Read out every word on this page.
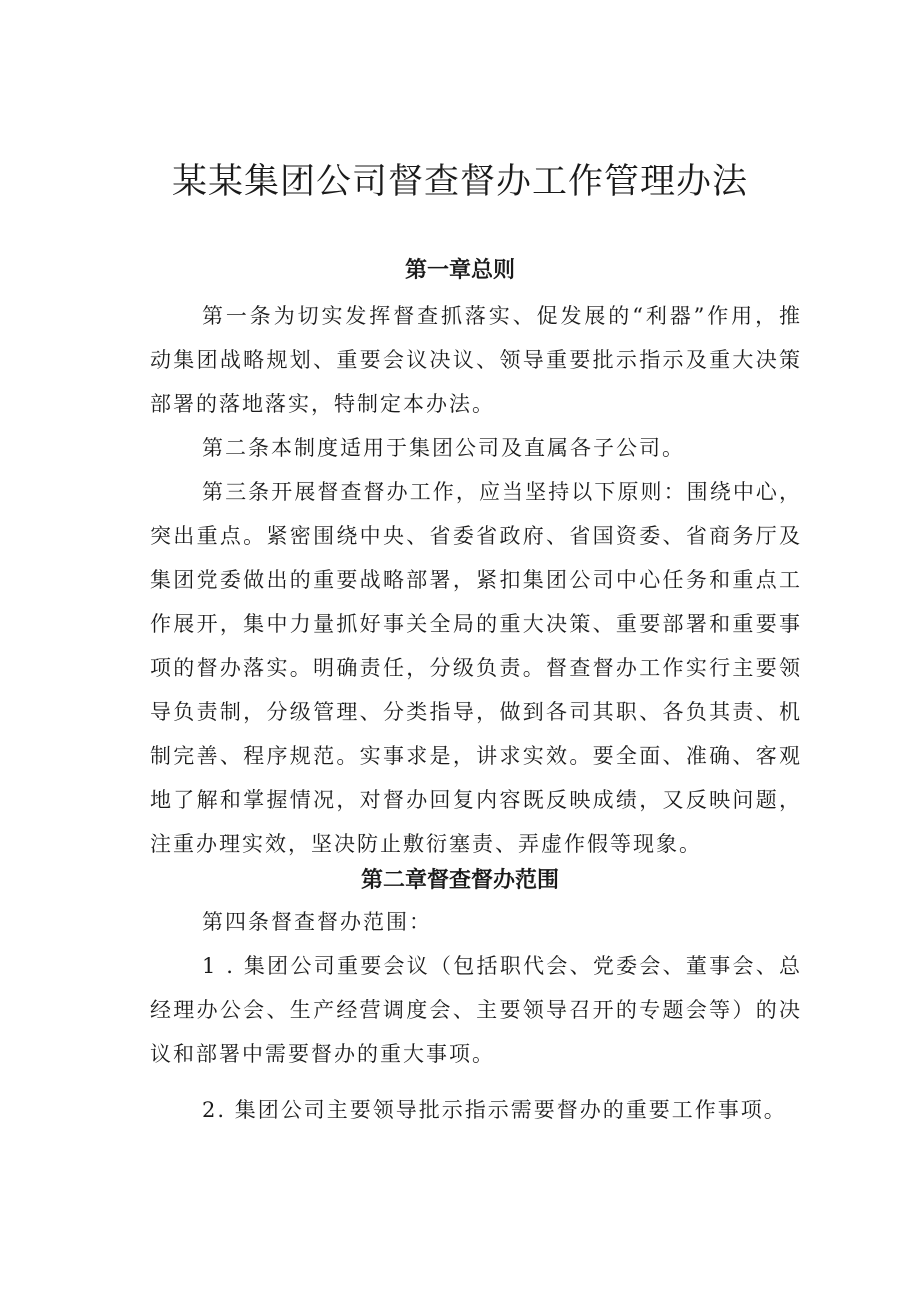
某某集团公司督查督办工作管理办法
第一章总则

第一条为切实发挥督查抓落实、促发展的“利器”作用，推动集团战略规划、重要会议决议、领导重要批示指示及重大决策部署的落地落实，特制定本办法。

第二条本制度适用于集团公司及直属各子公司。

第三条开展督查督办工作，应当坚持以下原则：围绕中心，突出重点。紧密围绕中央、省委省政府、省国资委、省商务厅及集团党委做出的重要战略部署，紧扣集团公司中心任务和重点工作展开，集中力量抓好事关全局的重大决策、重要部署和重要事项的督办落实。明确责任，分级负责。督查督办工作实行主要领导负责制，分级管理、分类指导，做到各司其职、各负其责、机制完善、程序规范。实事求是，讲求实效。要全面、准确、客观地了解和掌握情况，对督办回复内容既反映成绩，又反映问题，注重办理实效，坚决防止敷衍塞责、弄虚作假等现象。

第二章督查督办范围

第四条督查督办范围：

1 . 集团公司重要会议（包括职代会、党委会、董事会、总经理办公会、生产经营调度会、主要领导召开的专题会等）的决议和部署中需要督办的重大事项。

2. 集团公司主要领导批示指示需要督办的重要工作事项。
